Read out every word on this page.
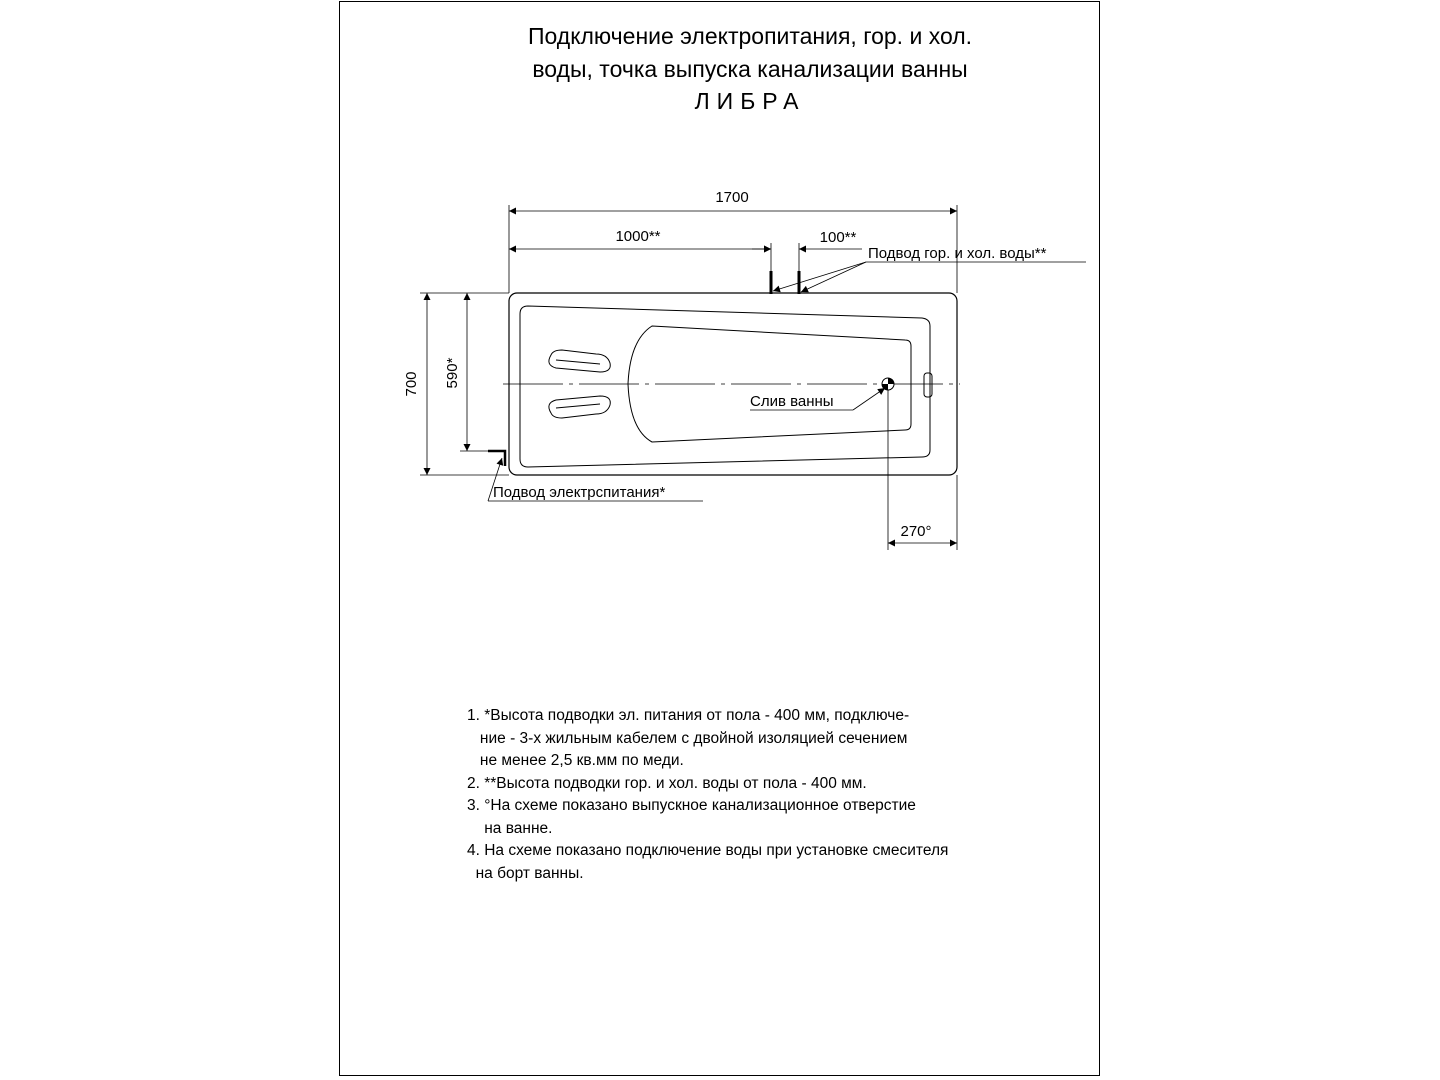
Подключение электропитания, гор. и хол.
воды, точка выпуска канализации ванны
ЛИБРА
1700
1000**	100**
Подвод гор. и хол. воды**
700 590*
270°
Слив ванны
Подвод электрспитания*
1. *Высота подводки эл. питания от пола - 400 мм, подключе-
ние - 3-х жильным кабелем с двойной изоляцией сечением
не менее 2,5 кв.мм по меди.
2. **Высота подводки гор. и хол. воды от пола - 400 мм.
3. °На схеме показано выпускное канализационное отверстие
на ванне.
4. На схеме показано подключение воды при установке смесителя
на борт ванны.
